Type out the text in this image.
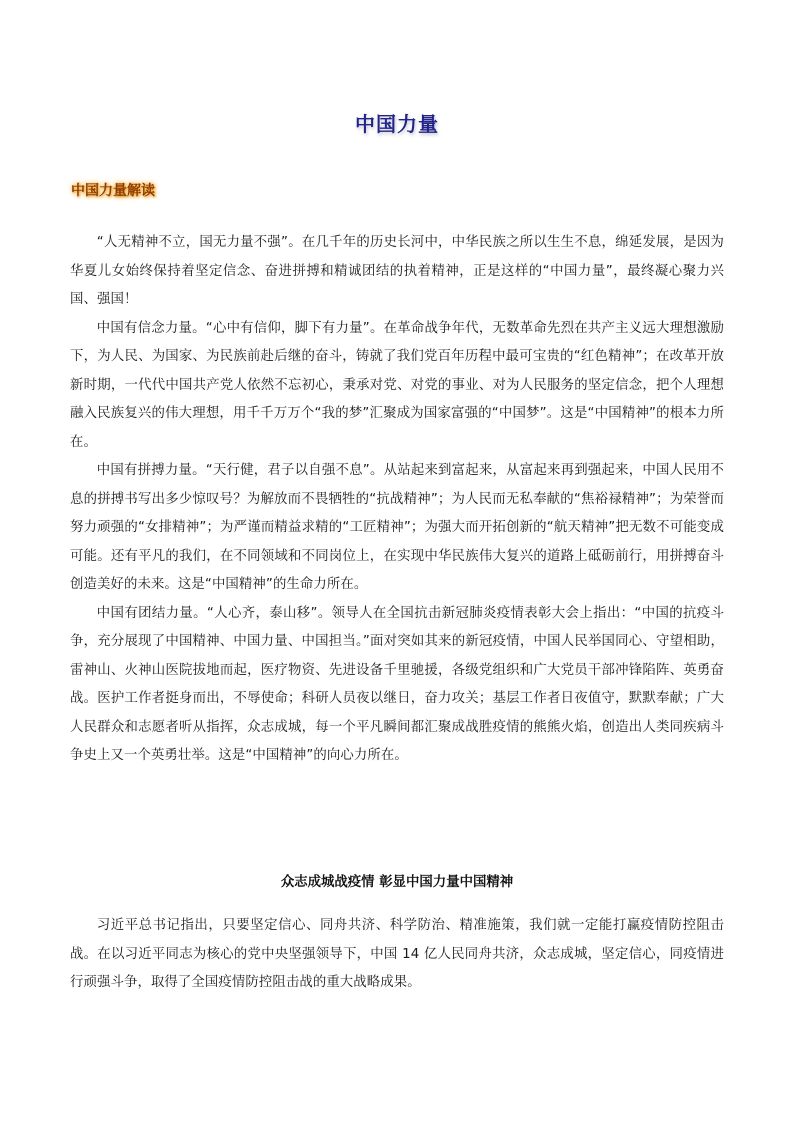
中国力量
中国力量解读

“人无精神不立，国无力量不强”。在几千年的历史长河中，中华民族之所以生生不息，绵延发展，是因为华夏儿女始终保持着坚定信念、奋进拼搏和精诚团结的执着精神，正是这样的“中国力量”，最终凝心聚力兴国、强国！

中国有信念力量。“心中有信仰，脚下有力量”。在革命战争年代，无数革命先烈在共产主义远大理想激励下，为人民、为国家、为民族前赴后继的奋斗，铸就了我们党百年历程中最可宝贵的“红色精神”；在改革开放新时期，一代代中国共产党人依然不忘初心，秉承对党、对党的事业、对为人民服务的坚定信念，把个人理想融入民族复兴的伟大理想，用千千万万个“我的梦”汇聚成为国家富强的“中国梦”。这是“中国精神”的根本力所在。

中国有拼搏力量。“天行健，君子以自强不息”。从站起来到富起来，从富起来再到强起来，中国人民用不息的拼搏书写出多少惊叹号？为解放而不畏牺牲的“抗战精神”；为人民而无私奉献的“焦裕禄精神”；为荣誉而努力顽强的“女排精神”；为严谨而精益求精的“工匠精神”；为强大而开拓创新的“航天精神”把无数不可能变成可能。还有平凡的我们，在不同领域和不同岗位上，在实现中华民族伟大复兴的道路上砥砺前行，用拼搏奋斗创造美好的未来。这是“中国精神”的生命力所在。

中国有团结力量。“人心齐，泰山移”。领导人在全国抗击新冠肺炎疫情表彰大会上指出：“中国的抗疫斗争，充分展现了中国精神、中国力量、中国担当。”面对突如其来的新冠疫情，中国人民举国同心、守望相助，雷神山、火神山医院拔地而起，医疗物资、先进设备千里驰援，各级党组织和广大党员干部冲锋陷阵、英勇奋战。医护工作者挺身而出，不辱使命；科研人员夜以继日，奋力攻关；基层工作者日夜值守，默默奉献；广大人民群众和志愿者听从指挥，众志成城，每一个平凡瞬间都汇聚成战胜疫情的熊熊火焰，创造出人类同疾病斗争史上又一个英勇壮举。这是“中国精神”的向心力所在。

众志成城战疫情 彰显中国力量中国精神

习近平总书记指出，只要坚定信心、同舟共济、科学防治、精准施策，我们就一定能打赢疫情防控阻击战。在以习近平同志为核心的党中央坚强领导下，中国 14 亿人民同舟共济，众志成城，坚定信心，同疫情进行顽强斗争，取得了全国疫情防控阻击战的重大战略成果。
